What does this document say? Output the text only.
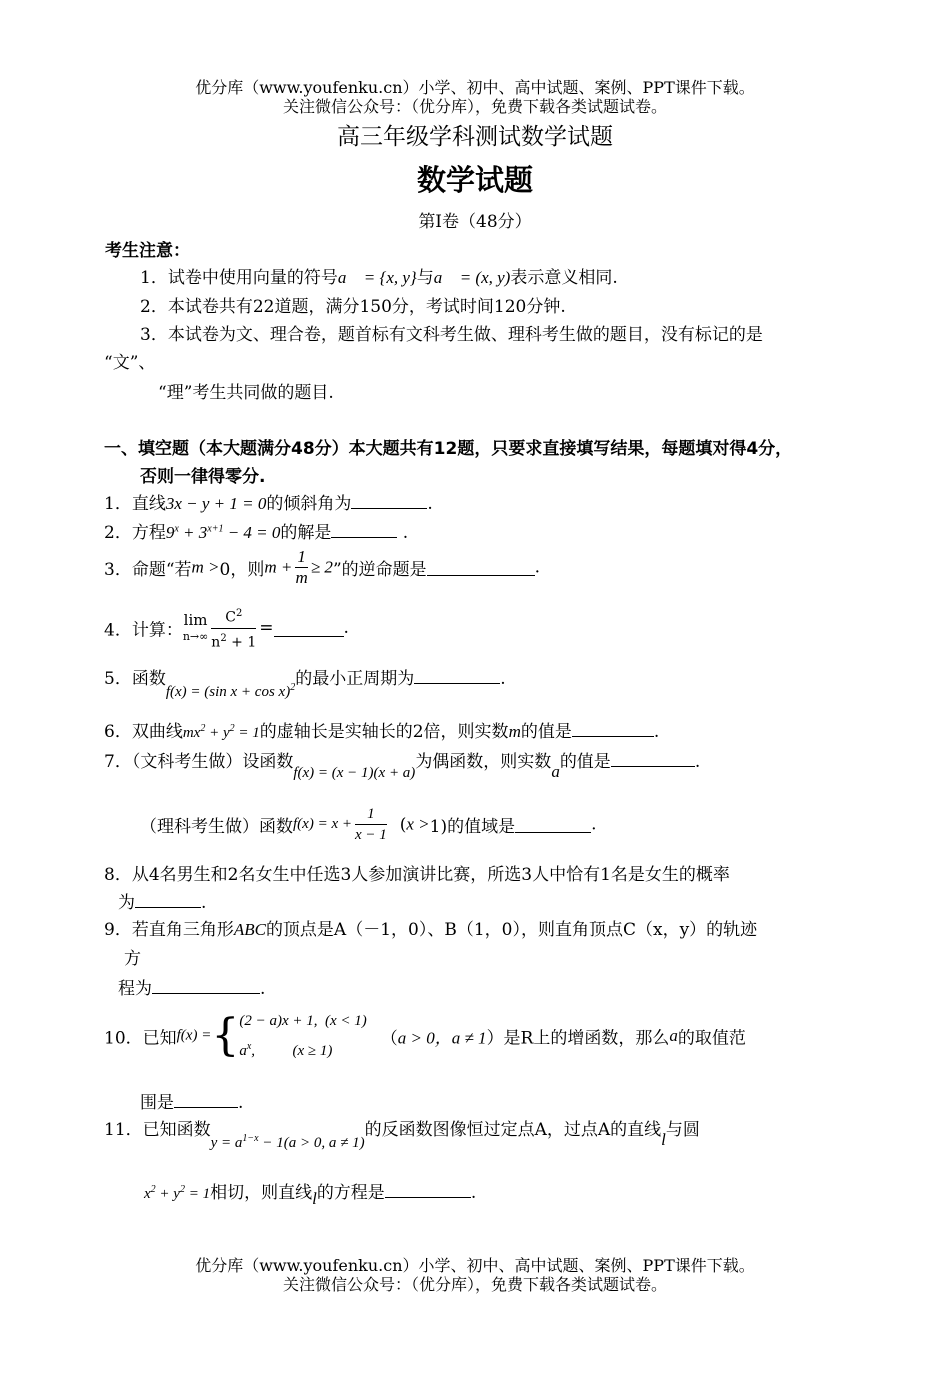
优分库（www.youfenku.cn）小学、初中、高中试题、案例、PPT课件下载。
关注微信公众号：（优分库），免费下载各类试题试卷。
高三年级学科测试数学试题
数学试题
第Ⅰ卷（48分）
考生注意：
1．试卷中使用向量的符号a⃗ = {x, y}与a⃗ = (x, y)表示意义相同.
2．本试卷共有22道题，满分150分，考试时间120分钟.
3．本试卷为文、理合卷，题首标有文科考生做、理科考生做的题目，没有标记的是
“文”、
“理”考生共同做的题目.
一、填空题（本大题满分48分）本大题共有12题，只要求直接填写结果，每题填对得4分，
否则一律得零分.
1．直线3x − y + 1 = 0的倾斜角为	.
2．方程$9^x + 3^{x+1} - 4 = 0$的解是	.
3．命题“若m >0，则$m + \frac{1}{m} \ge 2$”的逆命题是	.
4．计算：lim
$n\to\infty \frac{C^2}{n^2 + 1}$ =	.
5．函数f(x) = (sin x + cos x)$^2$的最小正周期为	.
6．双曲线$mx^2 + y^2 = 1$的虚轴长是实轴长的2倍，则实数m的值是	.
7．（文科考生做）设函数f(x) = (x − 1)(x + a)为偶函数，则实数a的值是	.
（理科考生做）函数$f(x) = x + \frac{1}{x - 1} (x >1)$的值域是	.
8．从4名男生和2名女生中任选3人参加演讲比赛，所选3人中恰有1名是女生的概率
为	.
9．若直角三角形ABC的顶点是A（－1，0）、B（1，0），则直角顶点C（x，y）的轨迹
方
程为	.
10．已知f(x) ={(2 − a)x + 1,  (x < 1)
$a^x$,          (x ≥ 1)（a > 0，a ≠ 1）是R上的增函数，那么a的取值范
围是	.
11．已知函数$y = a^{1-x} - 1(a > 0$, a ≠ 1)的反函数图像恒过定点A，过点A的直线l与圆
$x^2 + y^2 = 1$相切，则直线l的方程是	.
优分库（www.youfenku.cn）小学、初中、高中试题、案例、PPT课件下载。
关注微信公众号：（优分库），免费下载各类试题试卷。
